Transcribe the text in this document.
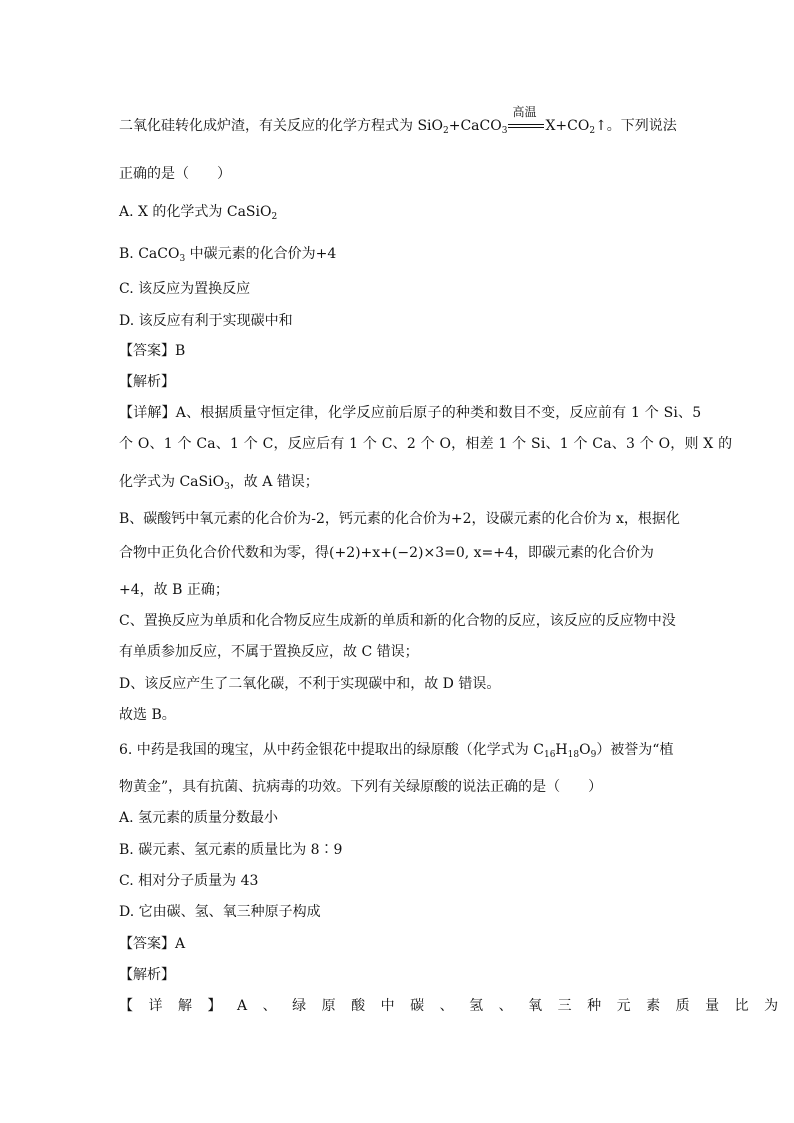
二氧化硅转化成炉渣，有关反应的化学方程式为 SiO$_2$+CaCO$_3$
高温
$X+CO_2↑$。下列说法
正确的是（　　）
A. X 的化学式为 CaSiO$_2$
B. CaCO$_3$ 中碳元素的化合价为+4
C. 该反应为置换反应
D. 该反应有利于实现碳中和
【答案】B
【解析】
【详解】A、根据质量守恒定律，化学反应前后原子的种类和数目不变，反应前有 1 个 Si、5
个 O、1 个 Ca、1 个 C，反应后有 1 个 C、2 个 O，相差 1 个 Si、1 个 Ca、3 个 O，则 X 的
化学式为 CaSiO$_3$，故 A 错误；
B、碳酸钙中氧元素的化合价为-2，钙元素的化合价为+2，设碳元素的化合价为 x，根据化
合物中正负化合价代数和为零，得(+2)+x+(−2)×3=0, x=+4，即碳元素的化合价为
+4，故 B 正确；
C、置换反应为单质和化合物反应生成新的单质和新的化合物的反应，该反应的反应物中没
有单质参加反应，不属于置换反应，故 C 错误；
D、该反应产生了二氧化碳，不利于实现碳中和，故 D 错误。
故选 B。
6. 中药是我国的瑰宝，从中药金银花中提取出的绿原酸（化学式为 $C_{16}H_{18}O_9$）被誉为“植
物黄金”，具有抗菌、抗病毒的功效。下列有关绿原酸的说法正确的是（　　）
A. 氢元素的质量分数最小
B. 碳元素、氢元素的质量比为 8∶9
C. 相对分子质量为 43
D. 它由碳、氢、氧三种原子构成
【答案】A
【解析】
【详解】A、绿原酸中碳、氢、氧三种元素质量比为
